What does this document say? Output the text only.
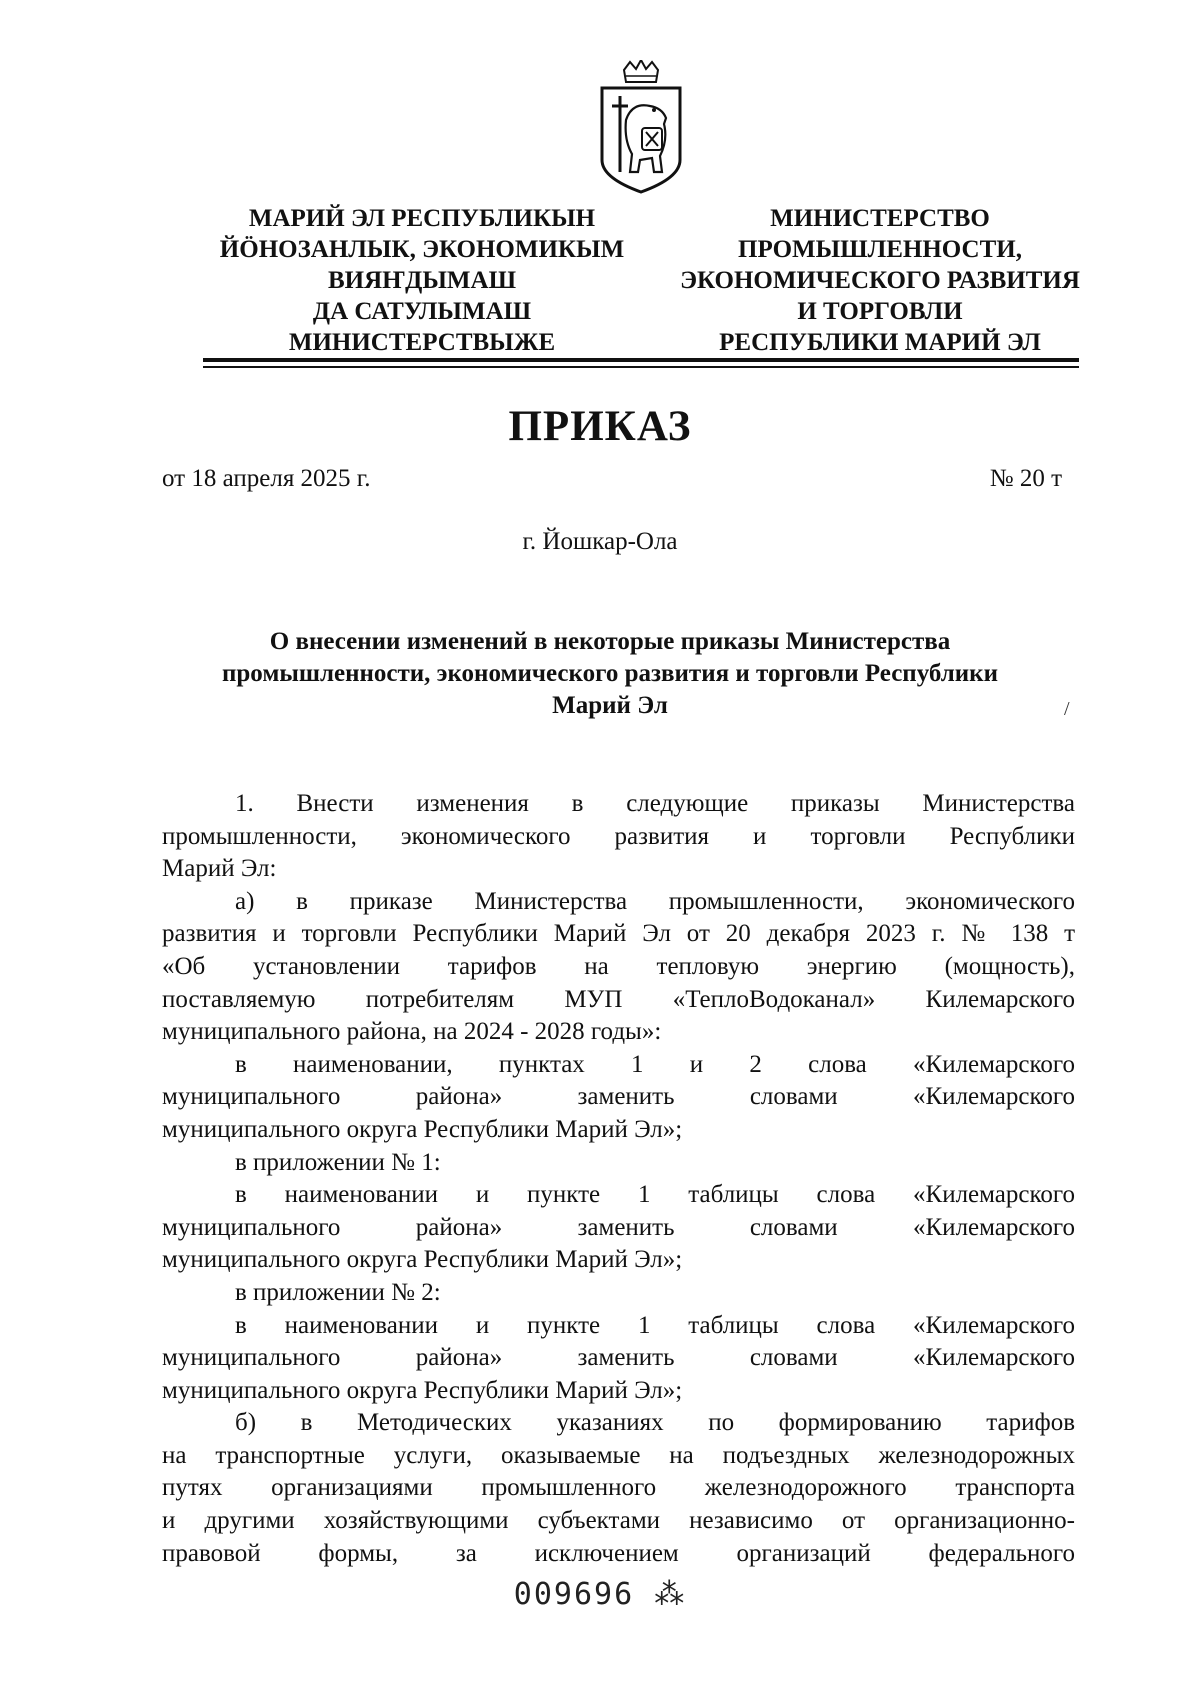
МАРИЙ ЭЛ РЕСПУБЛИКЫН
ЙӦНОЗАНЛЫК, ЭКОНОМИКЫМ
ВИЯҤДЫМАШ
ДА САТУЛЫМАШ
МИНИСТЕРСТВЫЖЕ
МИНИСТЕРСТВО
ПРОМЫШЛЕННОСТИ,
ЭКОНОМИЧЕСКОГО РАЗВИТИЯ
И ТОРГОВЛИ
РЕСПУБЛИКИ МАРИЙ ЭЛ
ПРИКАЗ
от 18 апреля 2025 г.	№ 20 т
г. Йошкар-Ола
О внесении изменений в некоторые приказы Министерства
промышленности, экономического развития и торговли Республики
Марий Эл	/
1. Внести изменения в следующие приказы Министерства
промышленности, экономического развития и торговли Республики
Марий Эл:
а) в приказе Министерства промышленности, экономического
развития и торговли Республики Марий Эл от 20 декабря 2023 г. № 138 т
«Об установлении тарифов на тепловую энергию (мощность),
поставляемую потребителям МУП «ТеплоВодоканал» Килемарского
муниципального района, на 2024 - 2028 годы»:
в наименовании, пунктах 1 и 2 слова «Килемарского
муниципального района» заменить словами «Килемарского
муниципального округа Республики Марий Эл»;
в приложении № 1:
в наименовании и пункте 1 таблицы слова «Килемарского
муниципального района» заменить словами «Килемарского
муниципального округа Республики Марий Эл»;
в приложении № 2:
в наименовании и пункте 1 таблицы слова «Килемарского
муниципального района» заменить словами «Килемарского
муниципального округа Республики Марий Эл»;
б) в Методических указаниях по формированию тарифов
на транспортные услуги, оказываемые на подъездных железнодорожных
путях организациями промышленного железнодорожного транспорта
и другими хозяйствующими субъектами независимо от организационно-
правовой формы, за исключением организаций федерального
009696 ⁂
